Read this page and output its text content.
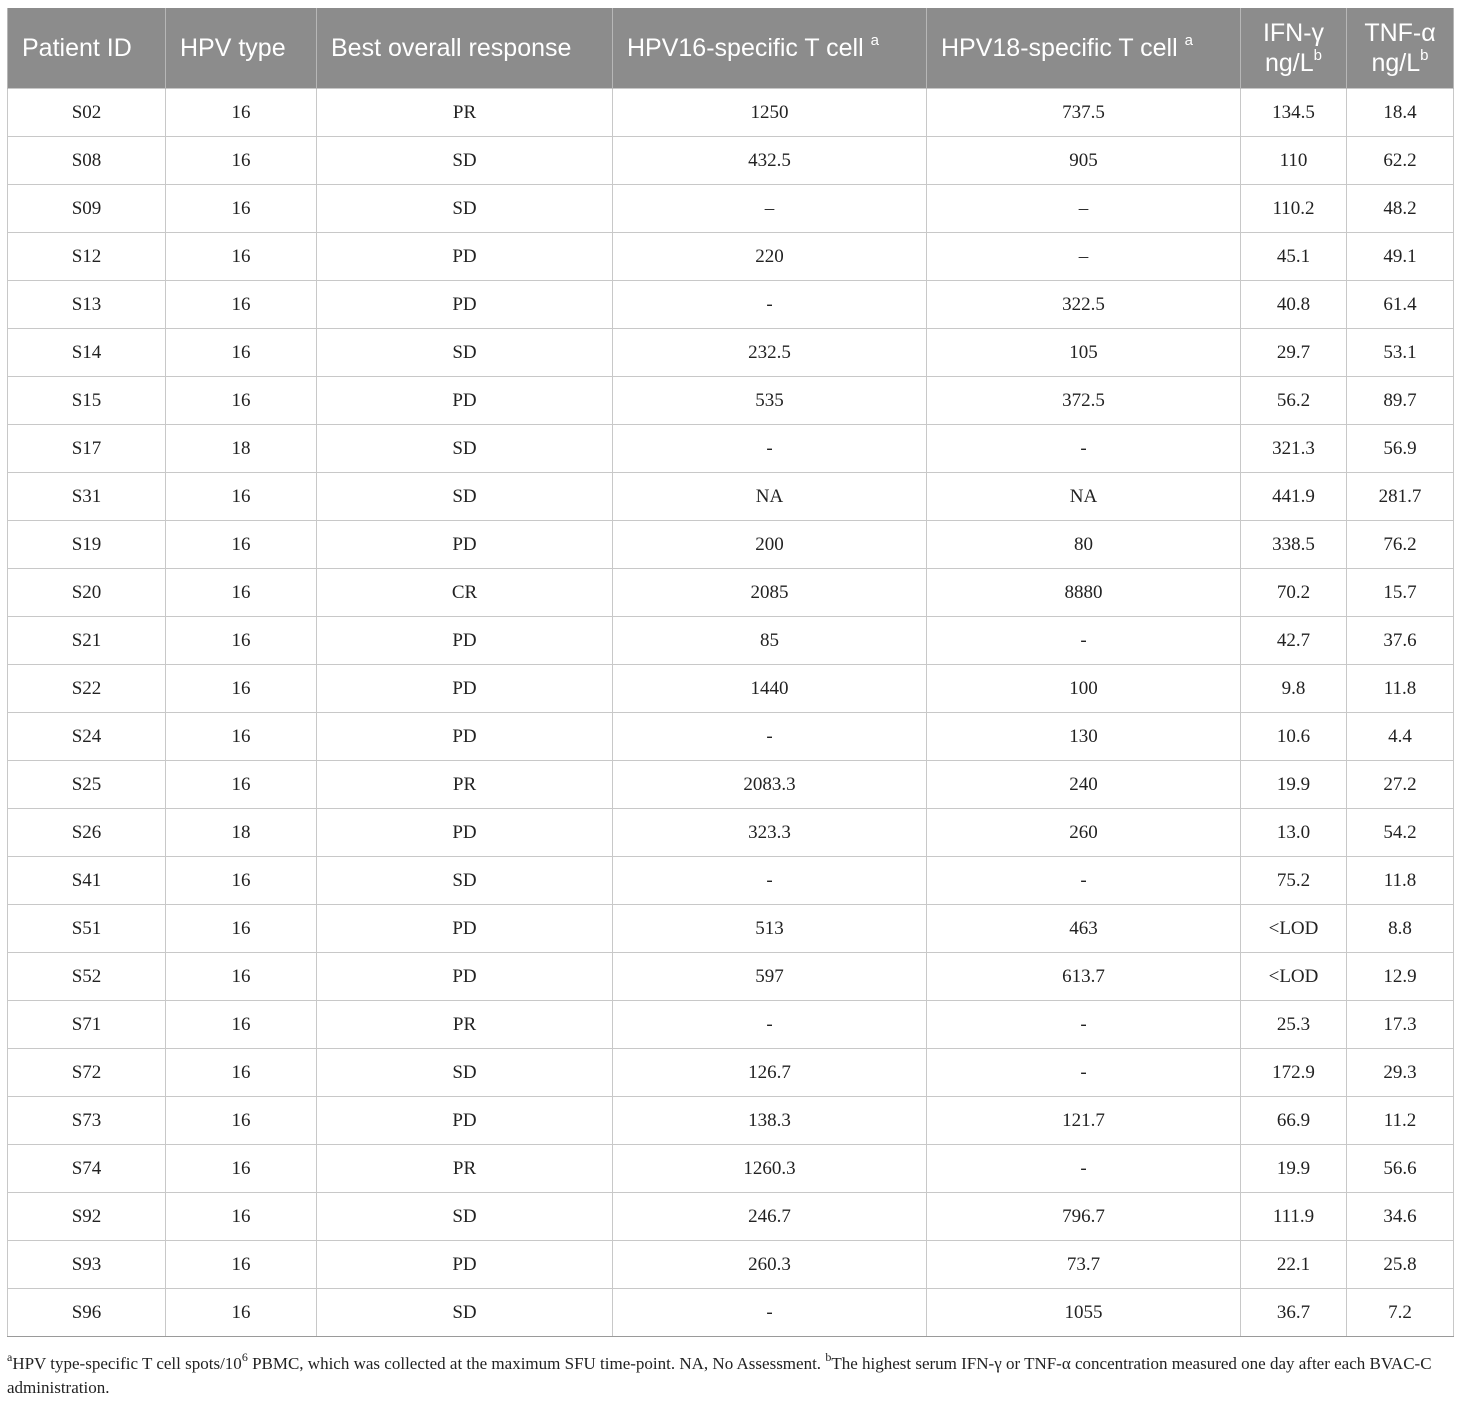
Patient ID	HPV type	Best overall response	HPV16-specific T cell $^a$	HPV18-specific T cell $^a$	IFN-γ $ng/L^b$	TNF-α $ng/L^b$
S02	16	PR	1250	737.5	134.5	18.4
S08	16	SD	432.5	905	110	62.2
S09	16	SD	–	–	110.2	48.2
S12	16	PD	220	–	45.1	49.1
S13	16	PD	-	322.5	40.8	61.4
S14	16	SD	232.5	105	29.7	53.1
S15	16	PD	535	372.5	56.2	89.7
S17	18	SD	-	-	321.3	56.9
S31	16	SD	NA	NA	441.9	281.7
S19	16	PD	200	80	338.5	76.2
S20	16	CR	2085	8880	70.2	15.7
S21	16	PD	85	-	42.7	37.6
S22	16	PD	1440	100	9.8	11.8
S24	16	PD	-	130	10.6	4.4
S25	16	PR	2083.3	240	19.9	27.2
S26	18	PD	323.3	260	13.0	54.2
S41	16	SD	-	-	75.2	11.8
S51	16	PD	513	463	<LOD	8.8
S52	16	PD	597	613.7	<LOD	12.9
S71	16	PR	-	-	25.3	17.3
S72	16	SD	126.7	-	172.9	29.3
S73	16	PD	138.3	121.7	66.9	11.2
S74	16	PR	1260.3	-	19.9	56.6
S92	16	SD	246.7	796.7	111.9	34.6
S93	16	PD	260.3	73.7	22.1	25.8
S96	16	SD	-	1055	36.7	7.2
$^a$HPV type-specific T cell spots/$10^6$ PBMC, which was collected at the maximum SFU time-point. NA, No Assessment. $^b$The highest serum IFN-γ or TNF-α concentration measured one day after each BVAC-C administration.
